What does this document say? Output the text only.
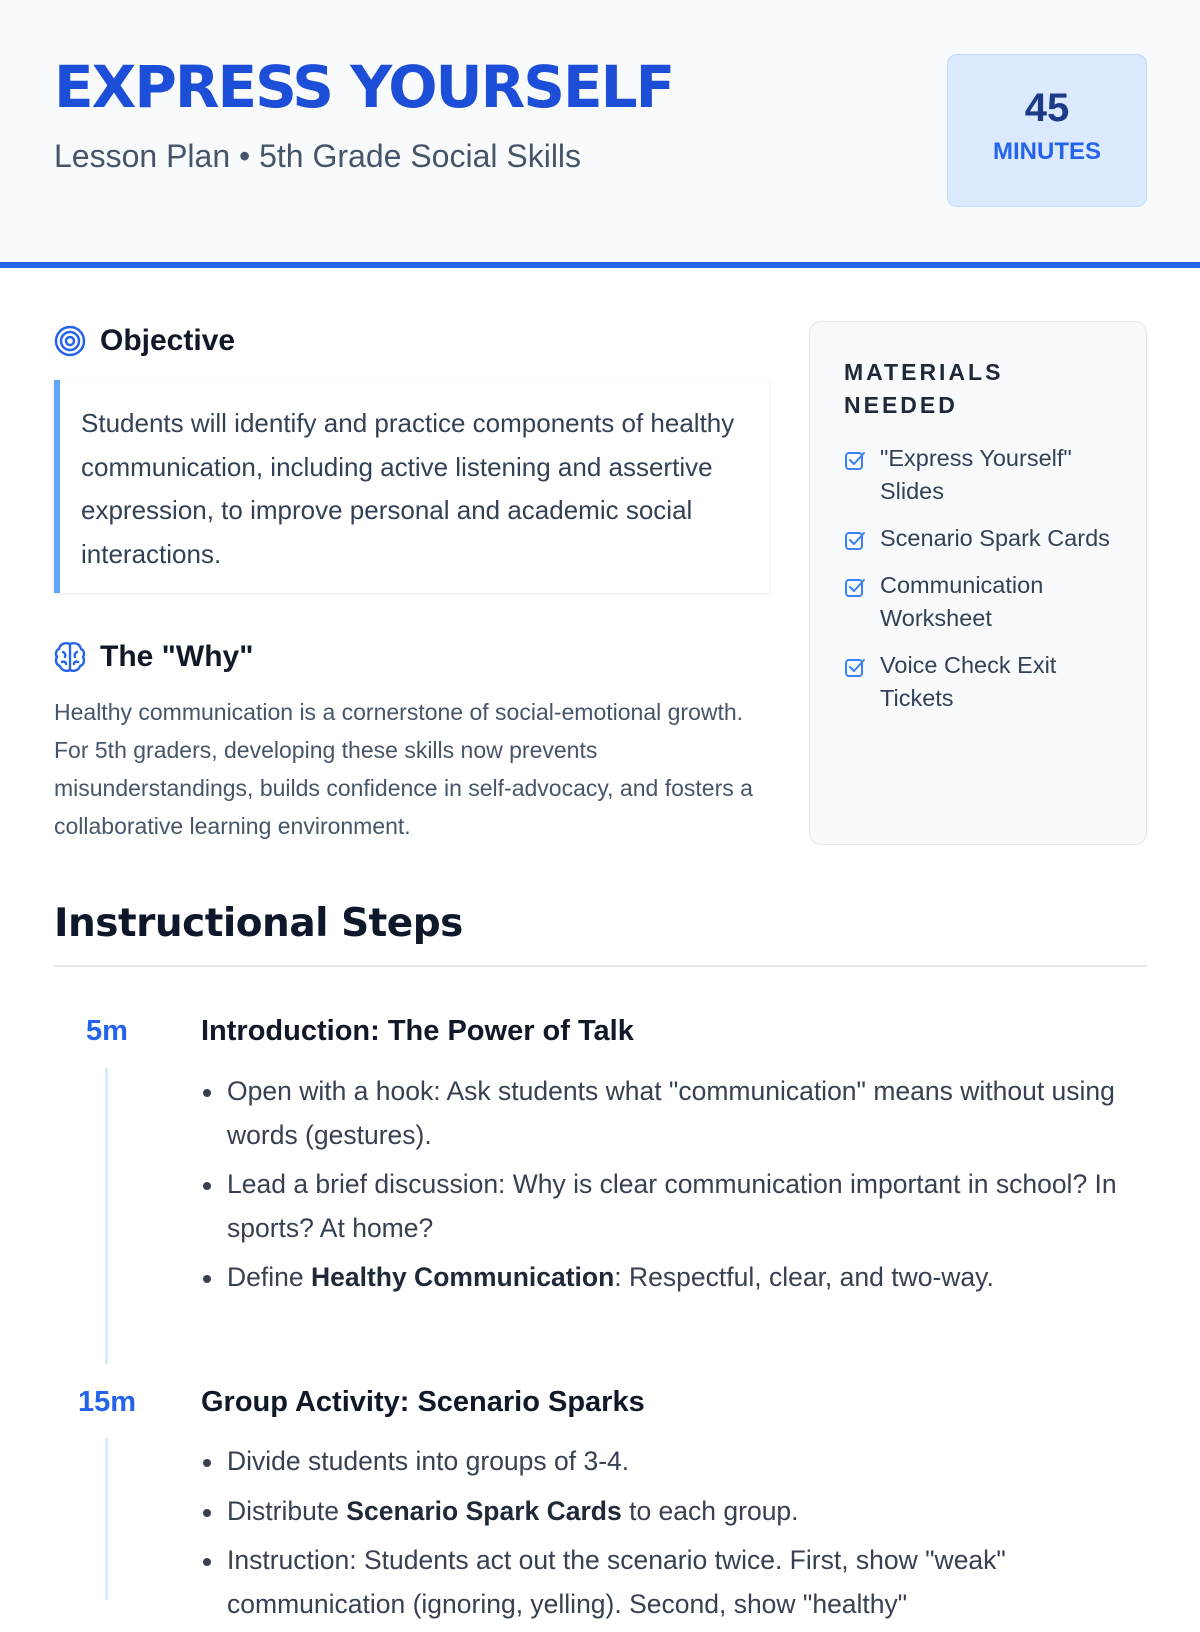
EXPRESS YOURSELF
Lesson Plan • 5th Grade Social Skills
45
MINUTES
Objective
Students will identify and practice components of healthy communication, including active listening and assertive expression, to improve personal and academic social interactions.
The "Why"

Healthy communication is a cornerstone of social-emotional growth. For 5th graders, developing these skills now prevents misunderstandings, builds confidence in self-advocacy, and fosters a collaborative learning environment.

MATERIALS NEEDED
"Express Yourself" Slides
Scenario Spark Cards
Communication Worksheet
Voice Check Exit Tickets
Instructional Steps
5m	Introduction: The Power of Talk
Open with a hook: Ask students what "communication" means without using words (gestures).
Lead a brief discussion: Why is clear communication important in school? In sports? At home?
Define Healthy Communication: Respectful, clear, and two-way.
15m	Group Activity: Scenario Sparks
Divide students into groups of 3-4.
Distribute Scenario Spark Cards to each group.
Instruction: Students act out the scenario twice. First, show "weak" communication (ignoring, yelling). Second, show "healthy"
